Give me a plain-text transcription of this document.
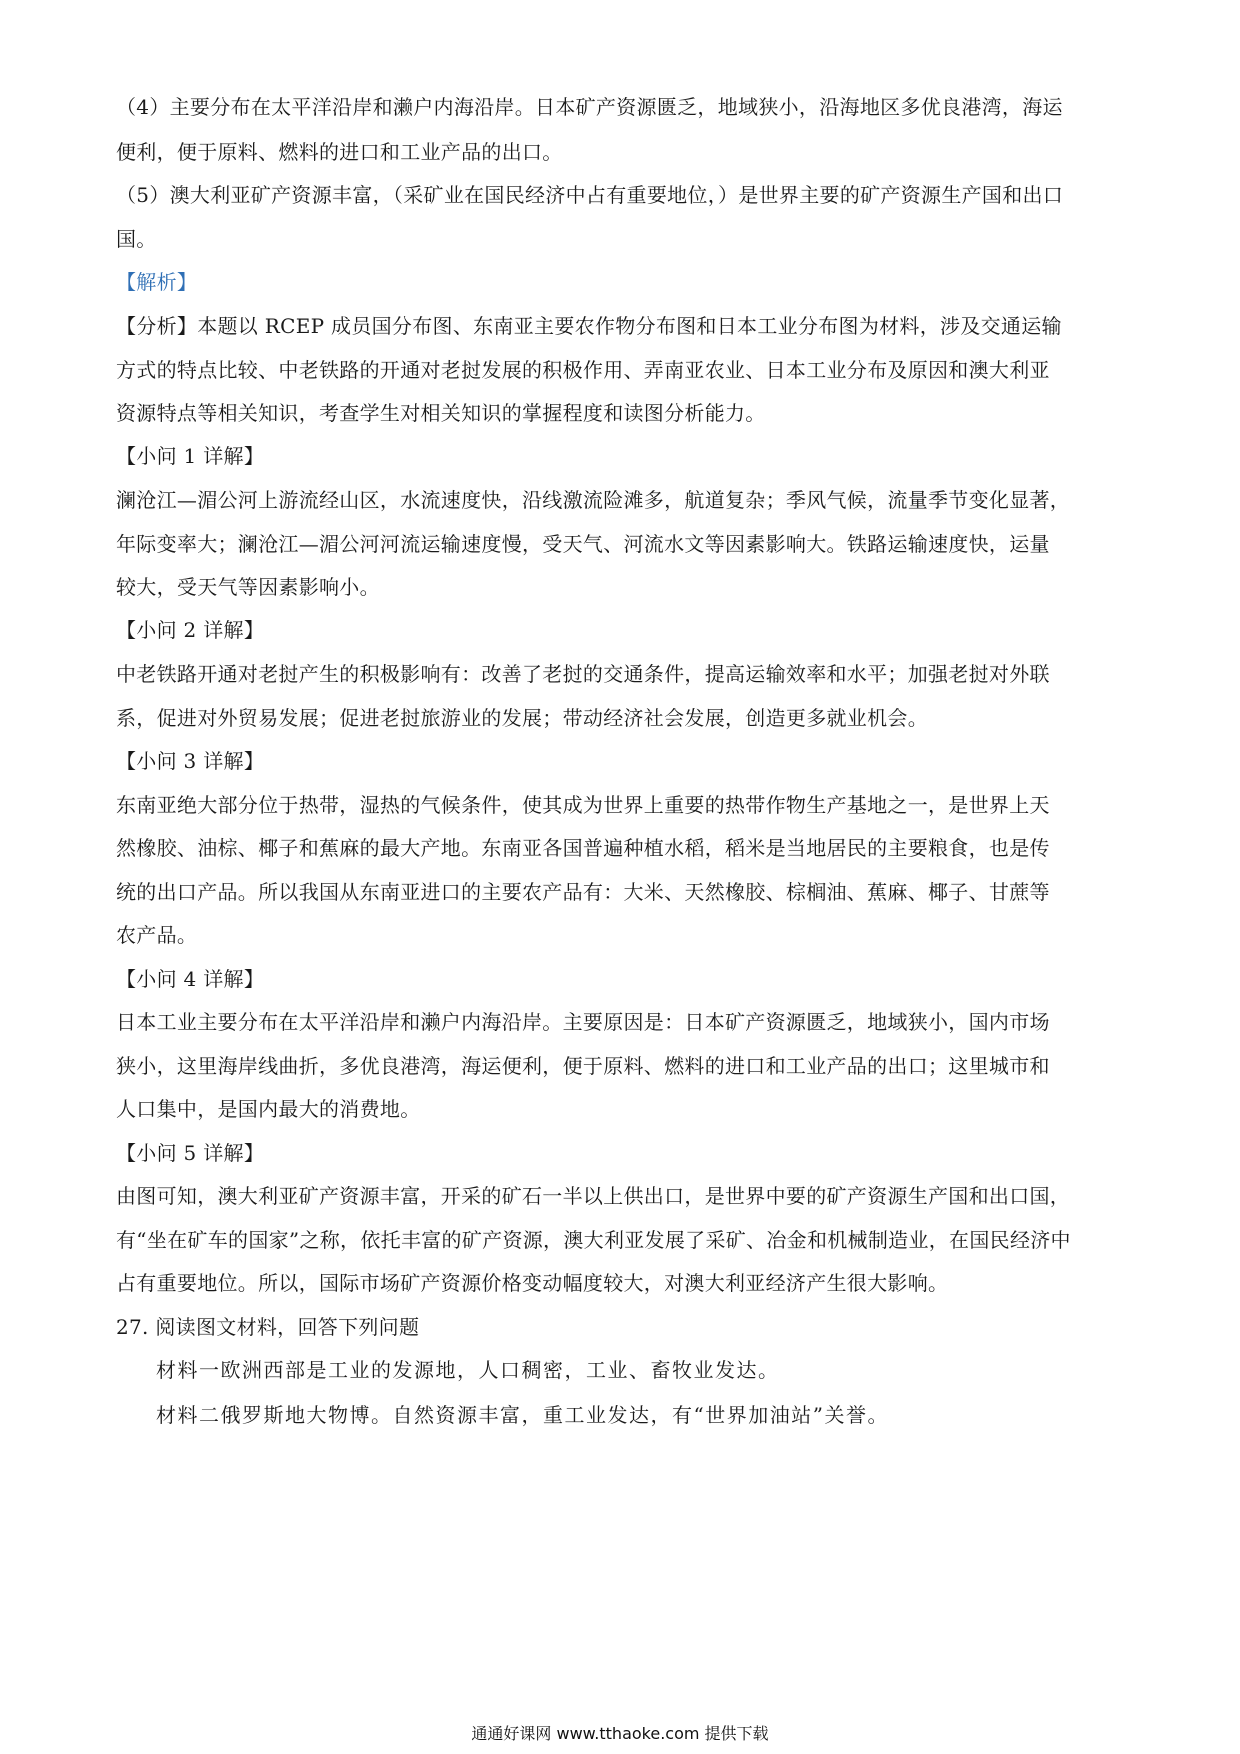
（4）主要分布在太平洋沿岸和濑户内海沿岸。日本矿产资源匮乏，地域狭小，沿海地区多优良港湾，海运
便利，便于原料、燃料的进口和工业产品的出口。
（5）澳大利亚矿产资源丰富，（采矿业在国民经济中占有重要地位，）是世界主要的矿产资源生产国和出口
国。
【解析】
【分析】本题以 RCEP 成员国分布图、东南亚主要农作物分布图和日本工业分布图为材料，涉及交通运输
方式的特点比较、中老铁路的开通对老挝发展的积极作用、弄南亚农业、日本工业分布及原因和澳大利亚
资源特点等相关知识，考查学生对相关知识的掌握程度和读图分析能力。
【小问 1 详解】
澜沧江—湄公河上游流经山区，水流速度快，沿线激流险滩多，航道复杂；季风气候，流量季节变化显著，
年际变率大；澜沧江—湄公河河流运输速度慢，受天气、河流水文等因素影响大。铁路运输速度快，运量
较大，受天气等因素影响小。
【小问 2 详解】
中老铁路开通对老挝产生的积极影响有：改善了老挝的交通条件，提高运输效率和水平；加强老挝对外联
系，促进对外贸易发展；促进老挝旅游业的发展；带动经济社会发展，创造更多就业机会。
【小问 3 详解】
东南亚绝大部分位于热带，湿热的气候条件，使其成为世界上重要的热带作物生产基地之一，是世界上天
然橡胶、油棕、椰子和蕉麻的最大产地。东南亚各国普遍种植水稻，稻米是当地居民的主要粮食，也是传
统的出口产品。所以我国从东南亚进口的主要农产品有：大米、天然橡胶、棕榈油、蕉麻、椰子、甘蔗等
农产品。
【小问 4 详解】
日本工业主要分布在太平洋沿岸和濑户内海沿岸。主要原因是：日本矿产资源匮乏，地域狭小，国内市场
狭小，这里海岸线曲折，多优良港湾，海运便利，便于原料、燃料的进口和工业产品的出口；这里城市和
人口集中，是国内最大的消费地。
【小问 5 详解】
由图可知，澳大利亚矿产资源丰富，开采的矿石一半以上供出口，是世界中要的矿产资源生产国和出口国，
有“坐在矿车的国家”之称，依托丰富的矿产资源，澳大利亚发展了采矿、冶金和机械制造业，在国民经济中
占有重要地位。所以，国际市场矿产资源价格变动幅度较大，对澳大利亚经济产生很大影响。
27. 阅读图文材料，回答下列问题
材料一欧洲西部是工业的发源地，人口稠密，工业、畜牧业发达。
材料二俄罗斯地大物博。自然资源丰富，重工业发达，有“世界加油站”关誉。
通通好课网 www.tthaoke.com 提供下载
